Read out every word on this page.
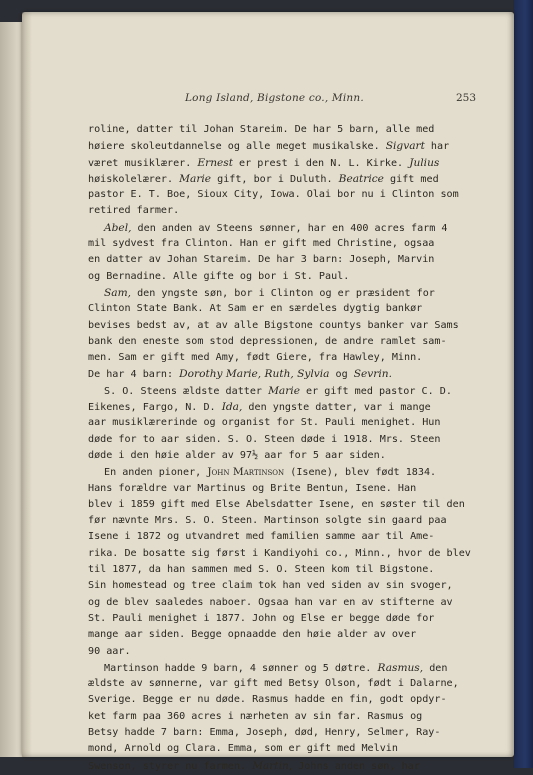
Long Island, Bigstone co., Minn.	253
roline, datter til Johan Stareim. De har 5 barn, alle med
høiere skoleutdannelse og alle meget musikalske. Sigvart har
været musiklærer. Ernest er prest i den N. L. Kirke. Julius
høiskolelærer. Marie gift, bor i Duluth. Beatrice gift med
pastor E. T. Boe, Sioux City, Iowa. Olai bor nu i Clinton som
retired farmer.
Abel, den anden av Steens sønner, har en 400 acres farm 4
mil sydvest fra Clinton. Han er gift med Christine, ogsaa
en datter av Johan Stareim. De har 3 barn: Joseph, Marvin
og Bernadine. Alle gifte og bor i St. Paul.
Sam, den yngste søn, bor i Clinton og er præsident for
Clinton State Bank. At Sam er en særdeles dygtig bankør
bevises bedst av, at av alle Bigstone countys banker var Sams
bank den eneste som stod depressionen, de andre ramlet sam-
men. Sam er gift med Amy, født Giere, fra Hawley, Minn.
De har 4 barn: Dorothy Marie, Ruth, Sylvia og Sevrin.
S. O. Steens ældste datter Marie er gift med pastor C. D.
Eikenes, Fargo, N. D. Ida, den yngste datter, var i mange
aar musiklærerinde og organist for St. Pauli menighet. Hun
døde for to aar siden. S. O. Steen døde i 1918. Mrs. Steen
døde i den høie alder av 97½ aar for 5 aar siden.
En anden pioner, John Martinson (Isene), blev født 1834.
Hans forældre var Martinus og Brite Bentun, Isene. Han
blev i 1859 gift med Else Abelsdatter Isene, en søster til den
før nævnte Mrs. S. O. Steen. Martinson solgte sin gaard paa
Isene i 1872 og utvandret med familien samme aar til Ame-
rika. De bosatte sig først i Kandiyohi co., Minn., hvor de blev
til 1877, da han sammen med S. O. Steen kom til Bigstone.
Sin homestead og tree claim tok han ved siden av sin svoger,
og de blev saaledes naboer. Ogsaa han var en av stifterne av
St. Pauli menighet i 1877. John og Else er begge døde for
mange aar siden. Begge opnaadde den høie alder av over
90 aar.
Martinson hadde 9 barn, 4 sønner og 5 døtre. Rasmus, den
ældste av sønnerne, var gift med Betsy Olson, født i Dalarne,
Sverige. Begge er nu døde. Rasmus hadde en fin, godt opdyr-
ket farm paa 360 acres i nærheten av sin far. Rasmus og
Betsy hadde 7 barn: Emma, Joseph, død, Henry, Selmer, Ray-
mond, Arnold og Clara. Emma, som er gift med Melvin
Swenson, styrer nu farmen. Martin, Johns anden søn, har
